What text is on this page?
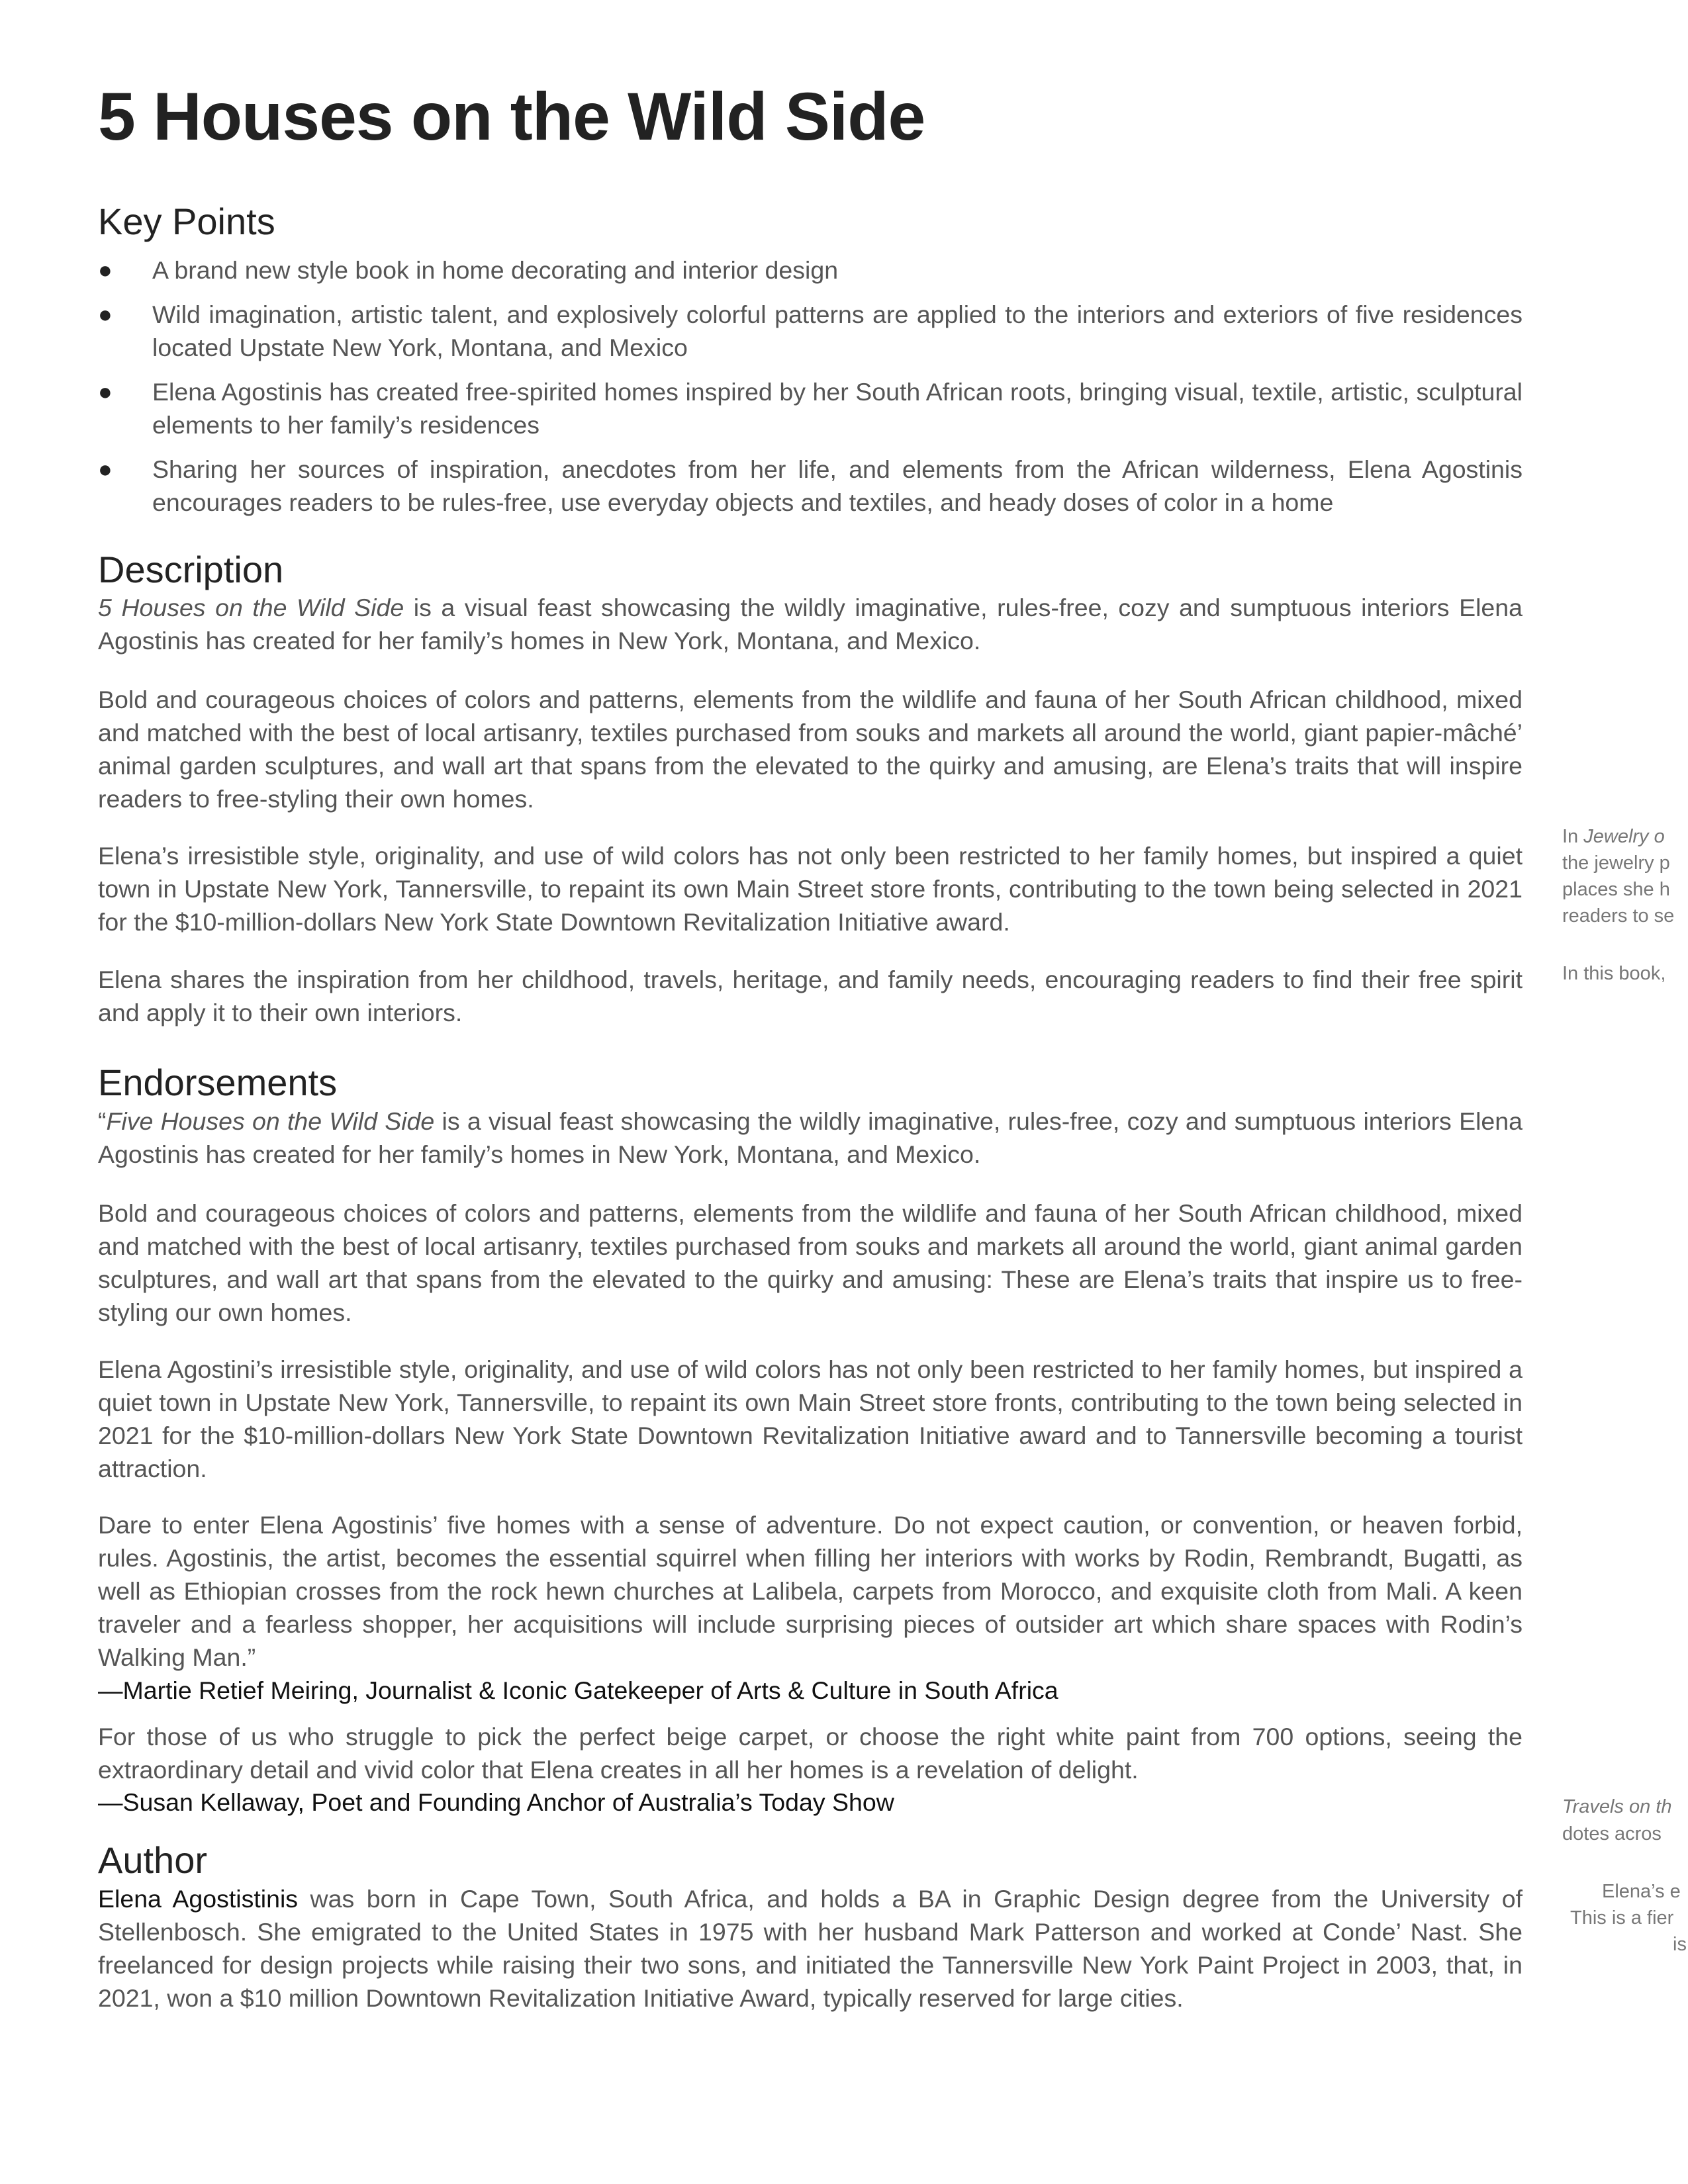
5 Houses on the Wild Side
Key Points
● A brand new style book in home decorating and interior design
● Wild imagination, artistic talent, and explosively colorful patterns are applied to the interiors and exteriors of five residences located Upstate New York, Montana, and Mexico
● Elena Agostinis has created free-spirited homes inspired by her South African roots, bringing visual, textile, artistic, sculptural elements to her family’s residences
● Sharing her sources of inspiration, anecdotes from her life, and elements from the African wilderness, Elena Agostinis encourages readers to be rules-free, use everyday objects and textiles, and heady doses of color in a home
Description

5 Houses on the Wild Side is a visual feast showcasing the wildly imaginative, rules-free, cozy and sumptuous interiors Elena Agostinis has created for her family’s homes in New York, Montana, and Mexico.

Bold and courageous choices of colors and patterns, elements from the wildlife and fauna of her South African childhood, mixed and matched with the best of local artisanry, textiles purchased from souks and markets all around the world, giant papier-mâché’ animal garden sculptures, and wall art that spans from the elevated to the quirky and amusing, are Elena’s traits that will inspire readers to free-styling their own homes.

Elena’s irresistible style, originality, and use of wild colors has not only been restricted to her family homes, but inspired a quiet town in Upstate New York, Tannersville, to repaint its own Main Street store fronts, contributing to the town being selected in 2021 for the $10-million-dollars New York State Downtown Revitalization Initiative award.

Elena shares the inspiration from her childhood, travels, heritage, and family needs, encouraging readers to find their free spirit and apply it to their own interiors.

Endorsements

“Five Houses on the Wild Side is a visual feast showcasing the wildly imaginative, rules-free, cozy and sumptuous interiors Elena Agostinis has created for her family’s homes in New York, Montana, and Mexico.

Bold and courageous choices of colors and patterns, elements from the wildlife and fauna of her South African childhood, mixed and matched with the best of local artisanry, textiles purchased from souks and markets all around the world, giant animal garden sculptures, and wall art that spans from the elevated to the quirky and amusing: These are Elena’s traits that inspire us to free-styling our own homes.

Elena Agostini’s irresistible style, originality, and use of wild colors has not only been restricted to her family homes, but inspired a quiet town in Upstate New York, Tannersville, to repaint its own Main Street store fronts, contributing to the town being selected in 2021 for the $10-million-dollars New York State Downtown Revitalization Initiative award and to Tannersville becoming a tourist attraction.

Dare to enter Elena Agostinis’ five homes with a sense of adventure. Do not expect caution, or convention, or heaven forbid, rules. Agostinis, the artist, becomes the essential squirrel when filling her interiors with works by Rodin, Rembrandt, Bugatti, as well as Ethiopian crosses from the rock hewn churches at Lalibela, carpets from Morocco, and exquisite cloth from Mali. A keen traveler and a fearless shopper, her acquisitions will include surprising pieces of outsider art which share spaces with Rodin’s Walking Man.”

—Martie Retief Meiring, Journalist & Iconic Gatekeeper of Arts & Culture in South Africa

For those of us who struggle to pick the perfect beige carpet, or choose the right white paint from 700 options, seeing the extraordinary detail and vivid color that Elena creates in all her homes is a revelation of delight.

—Susan Kellaway, Poet and Founding Anchor of Australia’s Today Show

Author

Elena Agostistinis was born in Cape Town, South Africa, and holds a BA in Graphic Design degree from the University of Stellenbosch. She emigrated to the United States in 1975 with her husband Mark Patterson and worked at Conde’ Nast. She freelanced for design projects while raising their two sons, and initiated the Tannersville New York Paint Project in 2003, that, in 2021, won a $10 million Downtown Revitalization Initiative Award, typically reserved for large cities.

In Jewelry o
the jewelry p
places she h
readers to se
In this book,
Travels on th
dotes acros
Elena’s e
This is a fier
is
